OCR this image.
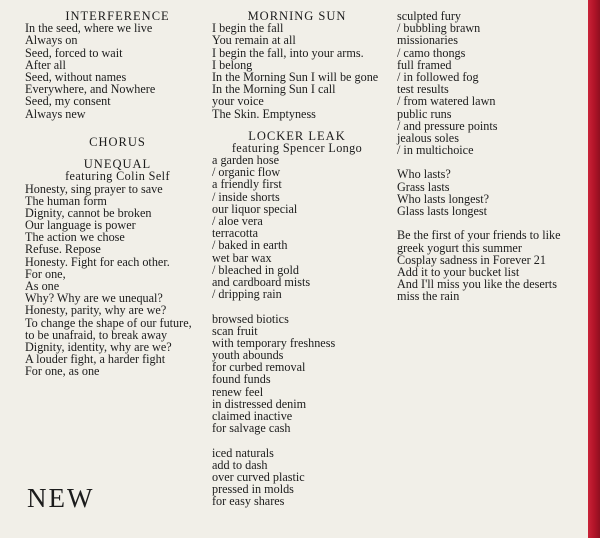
INTERFERENCE
In the seed, where we live
Always on
Seed, forced to wait
After all
Seed, without names
Everywhere, and Nowhere
Seed, my consent
Always new
CHORUS
UNEQUAL
featuring Colin Self
Honesty, sing prayer to save
The human form
Dignity, cannot be broken
Our language is power
The action we chose
Refuse. Repose
Honesty. Fight for each other.
For one,
As one
Why? Why are we unequal?
Honesty, parity, why are we?
To change the shape of our future,
to be unafraid, to break away
Dignity, identity, why are we?
A louder fight, a harder fight
For one, as one
MORNING SUN
I begin the fall
You remain at all
I begin the fall, into your arms.
I belong
In the Morning Sun I will be gone
In the Morning Sun I call
your voice
The Skin. Emptyness
LOCKER LEAK
featuring Spencer Longo
a garden hose
/ organic flow
a friendly first
/ inside shorts
our liquor special
/ aloe vera
terracotta
/ baked in earth
wet bar wax
/ bleached in gold
and cardboard mists
/ dripping rain
browsed biotics
scan fruit
with temporary freshness
youth abounds
for curbed removal
found funds
renew feel
in distressed denim
claimed inactive
for salvage cash
iced naturals
add to dash
over curved plastic
pressed in molds
for easy shares
sculpted fury
/ bubbling brawn
missionaries
/ camo thongs
full framed
/ in followed fog
test results
/ from watered lawn
public runs
/ and pressure points
jealous soles
/ in multichoice
Who lasts?
Grass lasts
Who lasts longest?
Glass lasts longest
Be the first of your friends to like
greek yogurt this summer
Cosplay sadness in Forever 21
Add it to your bucket list
And I'll miss you like the deserts
miss the rain
NEW
